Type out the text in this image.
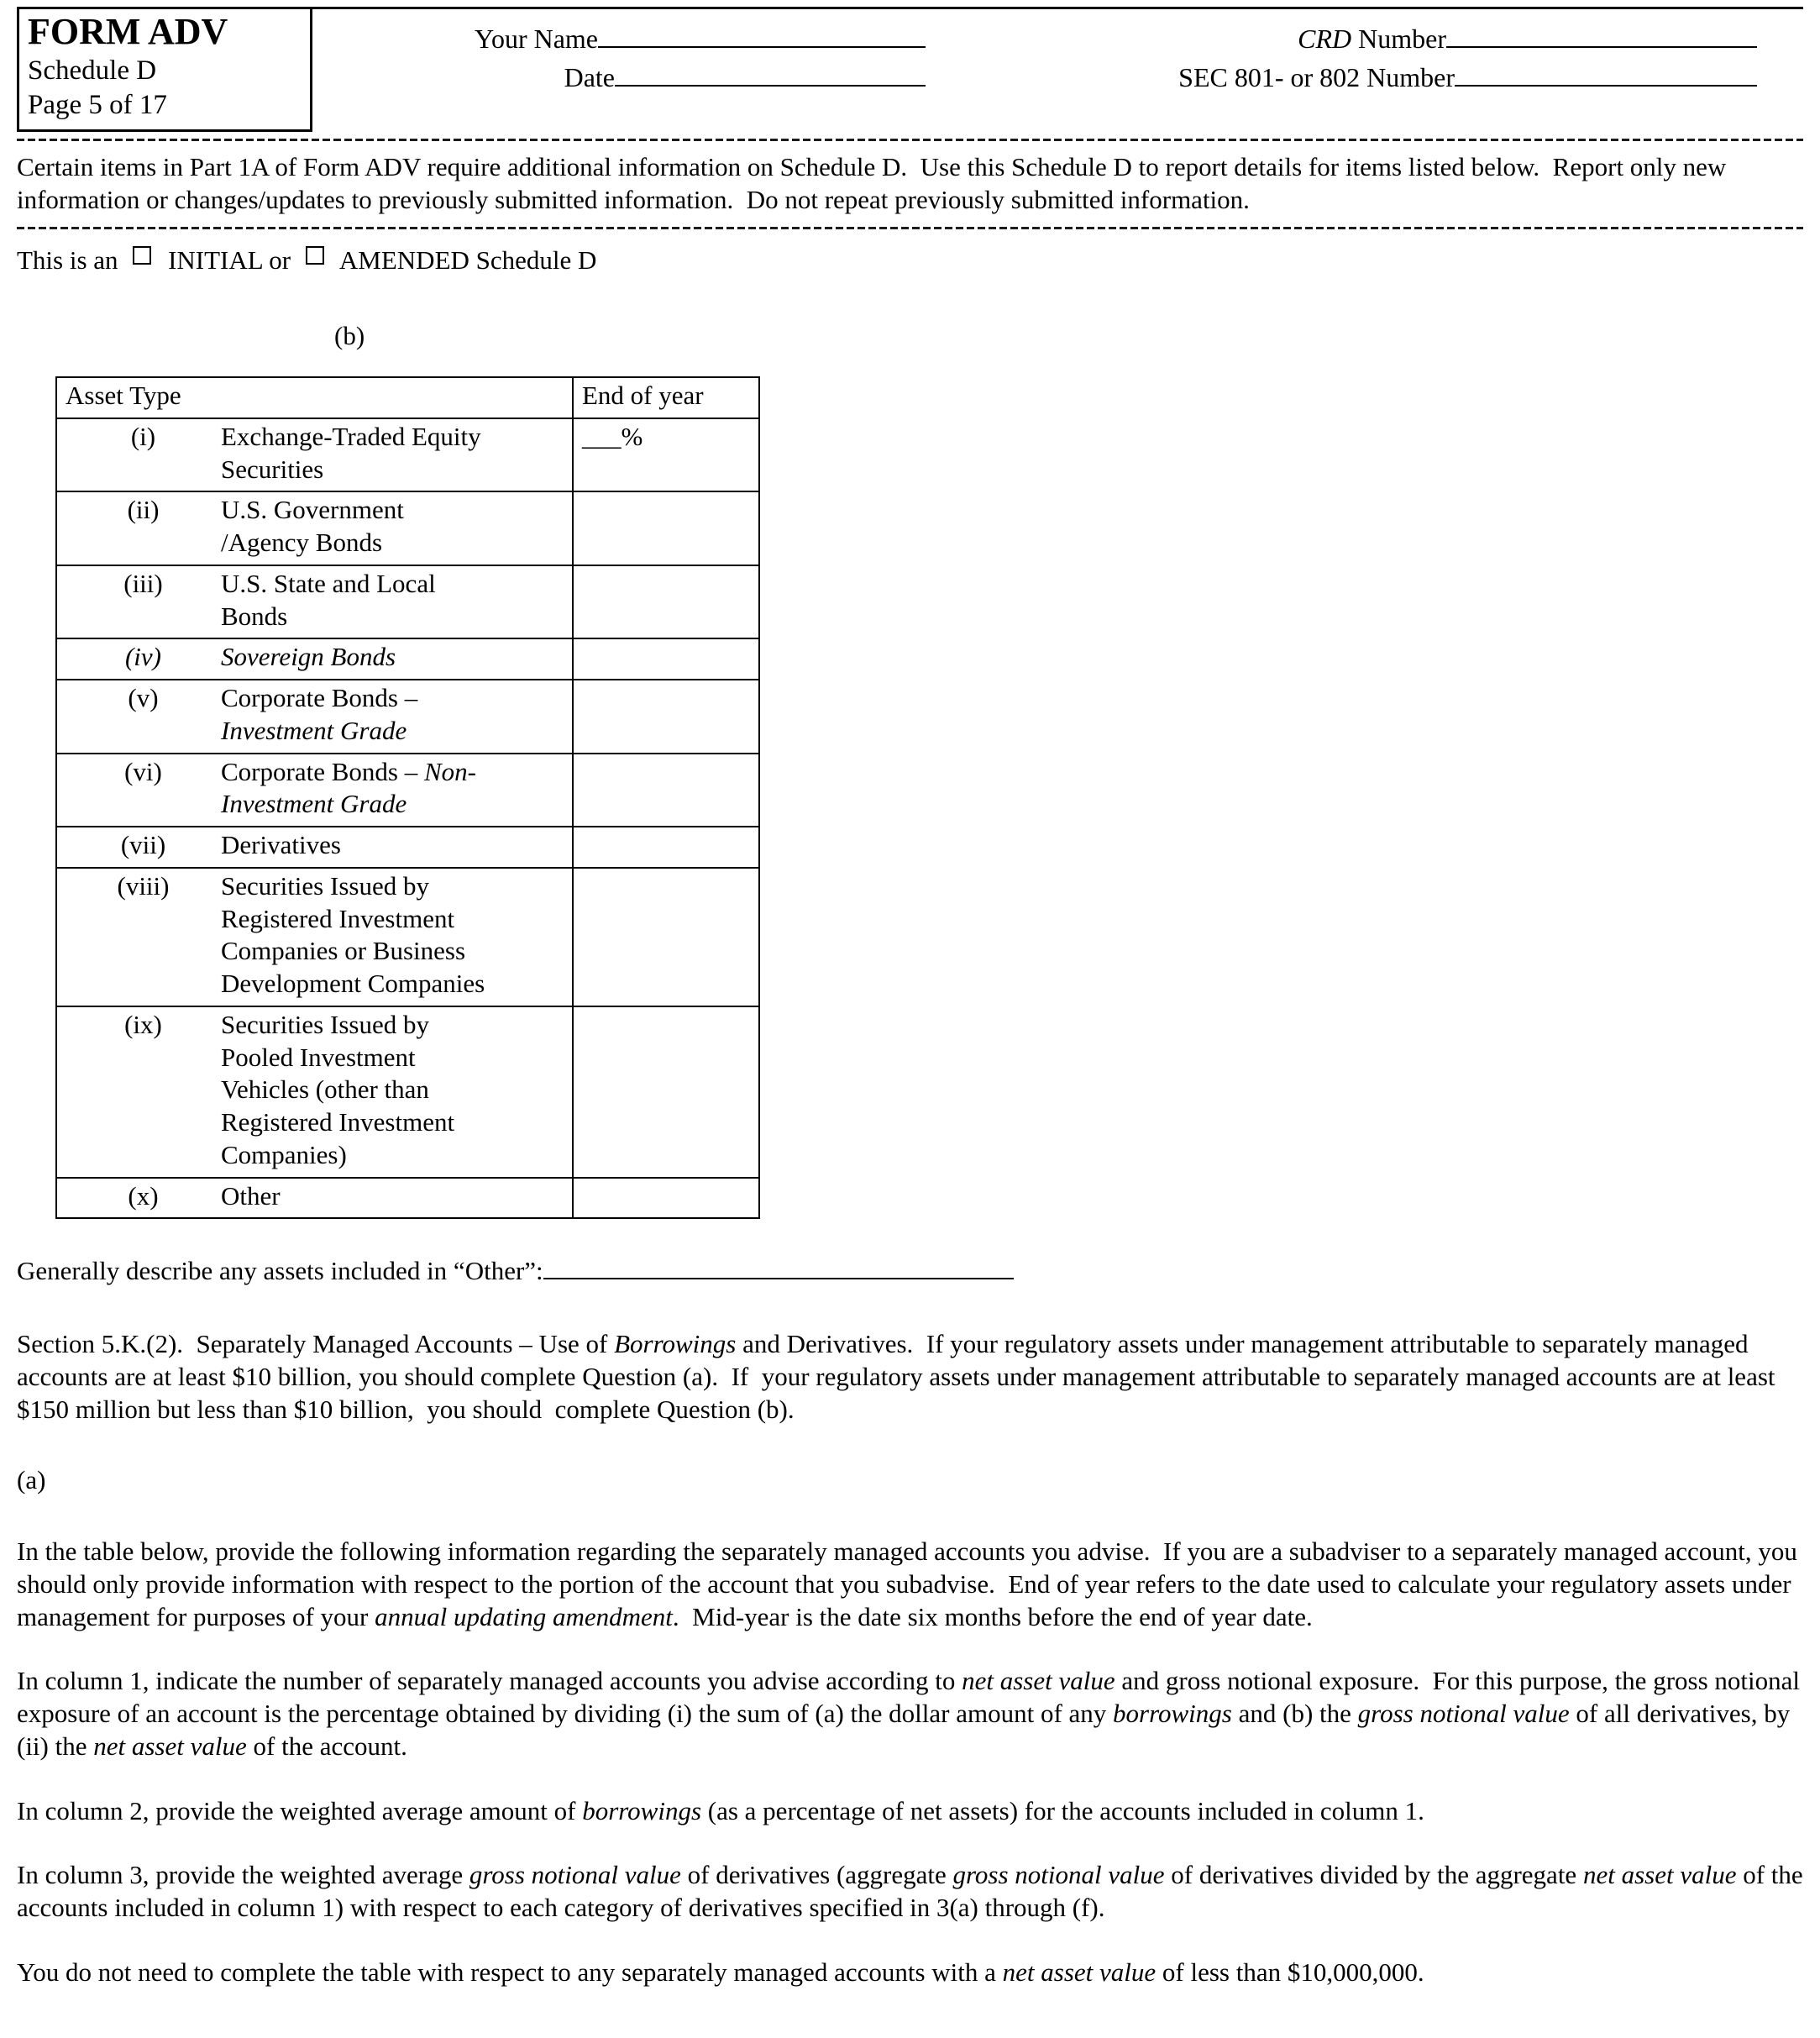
FORM ADV
Schedule D
Page 5 of 17
Your Name
Date
CRD Number
SEC 801- or 802 Number

Certain items in Part 1A of Form ADV require additional information on Schedule D.  Use this Schedule D to report details for items listed below.  Report only new information or changes/updates to previously submitted information.  Do not repeat previously submitted information.

This is an INITIAL or AMENDED Schedule D

(b)
Asset Type	End of year

(i) Exchange-Traded Equity Securities	___%

(ii) U.S. Government /Agency Bonds	

(iii) U.S. State and Local Bonds	

(iv) Sovereign Bonds	

(v) Corporate Bonds – Investment Grade	

(vi) Corporate Bonds – Non-Investment Grade	

(vii) Derivatives	

(viii) Securities Issued by Registered Investment Companies or Business Development Companies	

(ix) Securities Issued by Pooled Investment Vehicles (other than Registered Investment Companies)	

(x) Other	

Generally describe any assets included in “Other”:

Section 5.K.(2).  Separately Managed Accounts – Use of Borrowings and Derivatives.  If your regulatory assets under management attributable to separately managed accounts are at least $10 billion, you should complete Question (a).  If  your regulatory assets under management attributable to separately managed accounts are at least $150 million but less than $10 billion,  you should  complete Question (b).

(a)

In the table below, provide the following information regarding the separately managed accounts you advise.  If you are a subadviser to a separately managed account, you should only provide information with respect to the portion of the account that you subadvise.  End of year refers to the date used to calculate your regulatory assets under management for purposes of your annual updating amendment.  Mid-year is the date six months before the end of year date.

In column 1, indicate the number of separately managed accounts you advise according to net asset value and gross notional exposure.  For this purpose, the gross notional exposure of an account is the percentage obtained by dividing (i) the sum of (a) the dollar amount of any borrowings and (b) the gross notional value of all derivatives, by (ii) the net asset value of the account.

In column 2, provide the weighted average amount of borrowings (as a percentage of net assets) for the accounts included in column 1.

In column 3, provide the weighted average gross notional value of derivatives (aggregate gross notional value of derivatives divided by the aggregate net asset value of the accounts included in column 1) with respect to each category of derivatives specified in 3(a) through (f).

You do not need to complete the table with respect to any separately managed accounts with a net asset value of less than $10,000,000.
